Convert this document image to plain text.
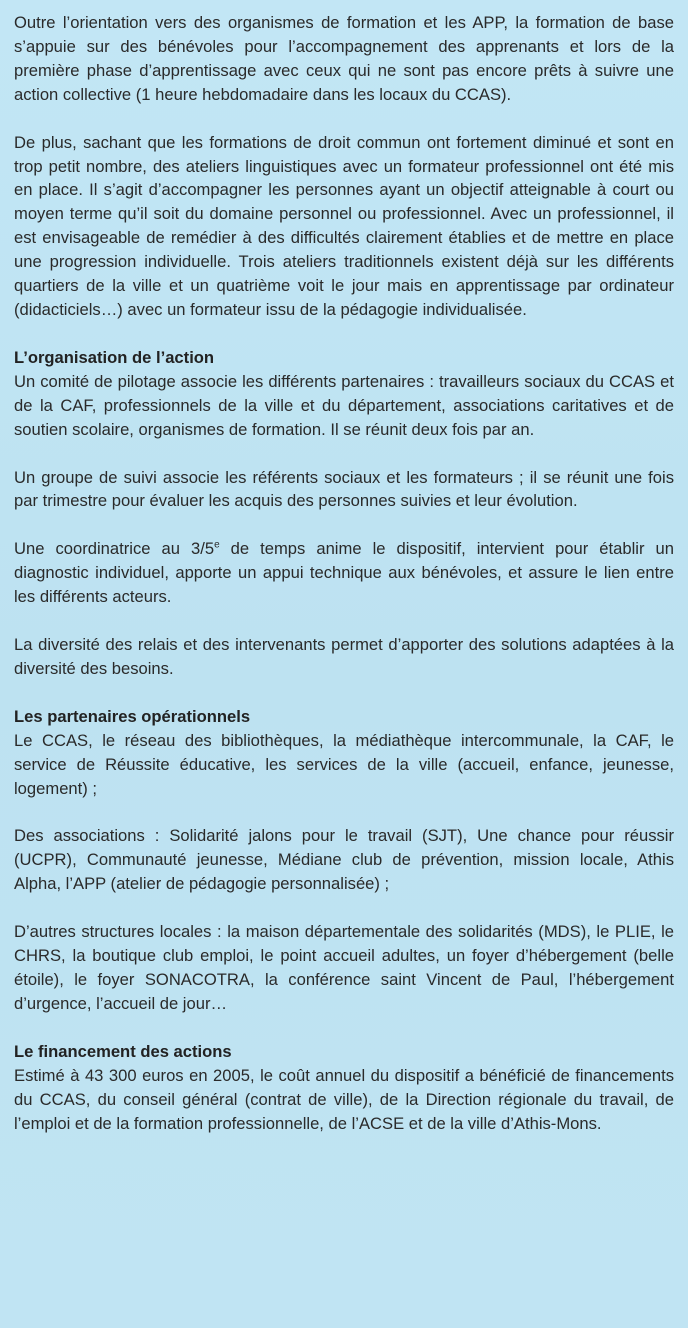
Outre l’orientation vers des organismes de formation et les APP, la formation de base s’appuie sur des bénévoles pour l’accompagnement des apprenants et lors de la première phase d’apprentissage avec ceux qui ne sont pas encore prêts à suivre une action collective (1 heure hebdomadaire dans les locaux du CCAS).

De plus, sachant que les formations de droit commun ont fortement diminué et sont en trop petit nombre, des ateliers linguistiques avec un formateur professionnel ont été mis en place. Il s’agit d’accompagner les personnes ayant un objectif atteignable à court ou moyen terme qu’il soit du domaine personnel ou professionnel. Avec un professionnel, il est envisageable de remédier à des difficultés clairement établies et de mettre en place une progression individuelle. Trois ateliers traditionnels existent déjà sur les différents quartiers de la ville et un quatrième voit le jour mais en apprentissage par ordinateur (didacticiels…) avec un formateur issu de la pédagogie individualisée.

L’organisation de l’action

Un comité de pilotage associe les différents partenaires : travailleurs sociaux du CCAS et de la CAF, professionnels de la ville et du département, associations caritatives et de soutien scolaire, organismes de formation. Il se réunit deux fois par an.

Un groupe de suivi associe les référents sociaux et les formateurs ; il se réunit une fois par trimestre pour évaluer les acquis des personnes suivies et leur évolution.

Une coordinatrice au 3/5e de temps anime le dispositif, intervient pour établir un diagnostic individuel, apporte un appui technique aux bénévoles, et assure le lien entre les différents acteurs.

La diversité des relais et des intervenants permet d’apporter des solutions adaptées à la diversité des besoins.

Les partenaires opérationnels

Le CCAS, le réseau des bibliothèques, la médiathèque intercommunale, la CAF, le service de Réussite éducative, les services de la ville (accueil, enfance, jeunesse, logement) ;

Des associations : Solidarité jalons pour le travail (SJT), Une chance pour réussir (UCPR), Communauté jeunesse, Médiane club de prévention, mission locale, Athis Alpha, l’APP (atelier de pédagogie personnalisée) ;

D’autres structures locales : la maison départementale des solidarités (MDS), le PLIE, le CHRS, la boutique club emploi, le point accueil adultes, un foyer d’hébergement (belle étoile), le foyer SONACOTRA, la conférence saint Vincent de Paul, l’hébergement d’urgence, l’accueil de jour…

Le financement des actions

Estimé à 43 300 euros en 2005, le coût annuel du dispositif a bénéficié de financements du CCAS, du conseil général (contrat de ville), de la Direction régionale du travail, de l’emploi et de la formation professionnelle, de l’ACSE et de la ville d’Athis-Mons.
